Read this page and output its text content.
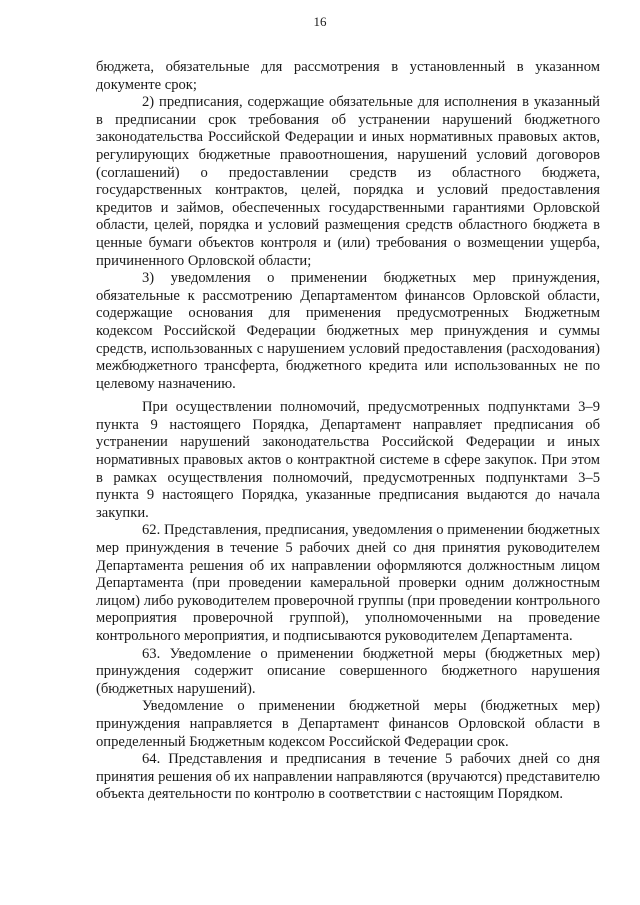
16

бюджета, обязательные для рассмотрения в установленный в указанном документе срок;

2) предписания, содержащие обязательные для исполнения в указанный в предписании срок требования об устранении нарушений бюджетного законодательства Российской Федерации и иных нормативных правовых актов, регулирующих бюджетные правоотношения, нарушений условий договоров (соглашений) о предоставлении средств из областного бюджета, государственных контрактов, целей, порядка и условий предоставления кредитов и займов, обеспеченных государственными гарантиями Орловской области, целей, порядка и условий размещения средств областного бюджета в ценные бумаги объектов контроля и (или) требования о возмещении ущерба, причиненного Орловской области;

3) уведомления о применении бюджетных мер принуждения, обязательные к рассмотрению Департаментом финансов Орловской области, содержащие основания для применения предусмотренных Бюджетным кодексом Российской Федерации бюджетных мер принуждения и суммы средств, использованных с нарушением условий предоставления (расходования) межбюджетного трансферта, бюджетного кредита или использованных не по целевому назначению.

При осуществлении полномочий, предусмотренных подпунктами 3–9 пункта 9 настоящего Порядка, Департамент направляет предписания об устранении нарушений законодательства Российской Федерации и иных нормативных правовых актов о контрактной системе в сфере закупок. При этом в рамках осуществления полномочий, предусмотренных подпунктами 3–5 пункта 9 настоящего Порядка, указанные предписания выдаются до начала закупки.

62. Представления, предписания, уведомления о применении бюджетных мер принуждения в течение 5 рабочих дней со дня принятия руководителем Департамента решения об их направлении оформляются должностным лицом Департамента (при проведении камеральной проверки одним должностным лицом) либо руководителем проверочной группы (при проведении контрольного мероприятия проверочной группой), уполномоченными на проведение контрольного мероприятия, и подписываются руководителем Департамента.

63. Уведомление о применении бюджетной меры (бюджетных мер) принуждения содержит описание совершенного бюджетного нарушения (бюджетных нарушений).

Уведомление о применении бюджетной меры (бюджетных мер) принуждения направляется в Департамент финансов Орловской области в определенный Бюджетным кодексом Российской Федерации срок.

64. Представления и предписания в течение 5 рабочих дней со дня принятия решения об их направлении направляются (вручаются) представителю объекта деятельности по контролю в соответствии с настоящим Порядком.
